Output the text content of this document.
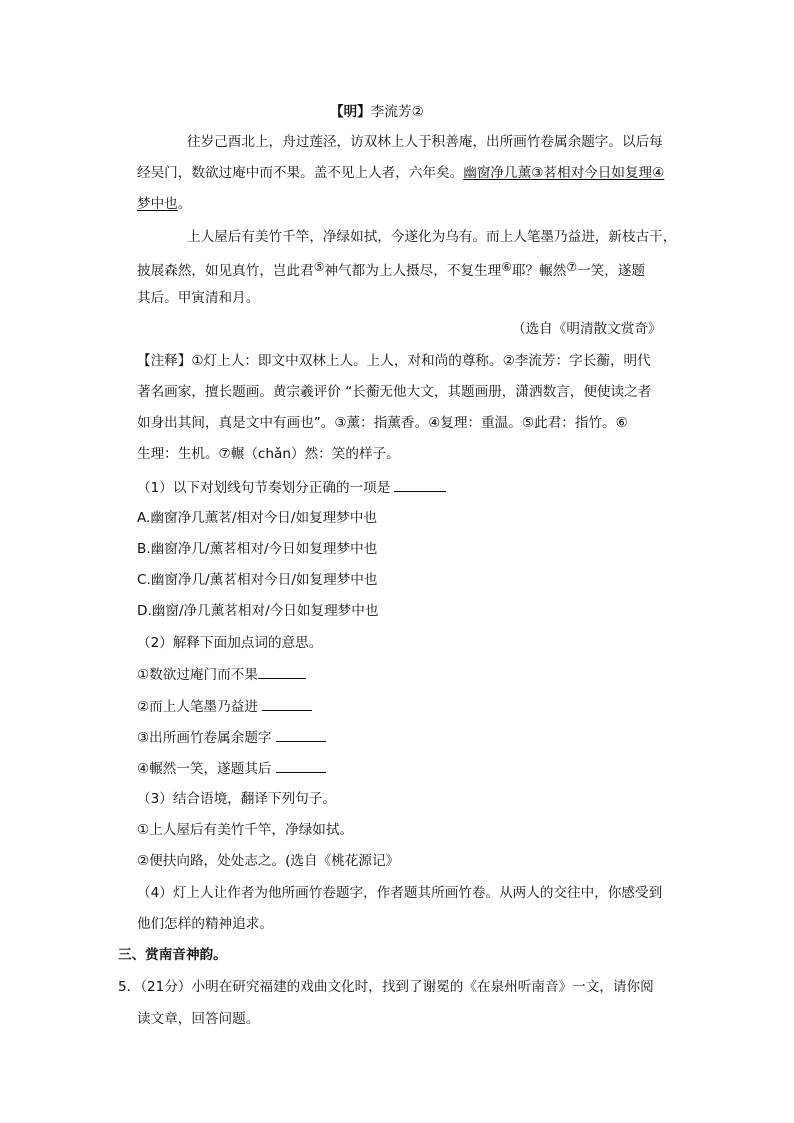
【明】李流芳②
往岁己酉北上，舟过莲泾，访双林上人于积善庵，出所画竹卷属余题字。以后每
经吴门，数欲过庵中而不果。盖不见上人者，六年矣。幽窗净几薰③茗相对今日如复理④
梦中也。
上人屋后有美竹千竿，净绿如拭，今遂化为乌有。而上人笔墨乃益进，新枝古干，
披展森然，如见真竹，岂此君⑤神气都为上人摄尽，不复生理⑥耶？輾然⑦一笑，遂题
其后。甲寅清和月。
（选自《明清散文赏奇》
【注释】①灯上人：即文中双林上人。上人，对和尚的尊称。②李流芳：字长蘅，明代
著名画家，擅长题画。黄宗羲评价 “长蘅无他大文，其题画册，潇洒数言，便使读之者
如身出其间，真是文中有画也”。③薰：指薰香。④复理：重温。⑤此君：指竹。⑥
生理：生机。⑦輾（chǎn）然：笑的样子。
（1）以下对划线句节奏划分正确的一项是
A.幽窗净几薰茗/相对今日/如复理梦中也
B.幽窗净几/薰茗相对/今日如复理梦中也
C.幽窗净几/薰茗相对今日/如复理梦中也
D.幽窗/净几薰茗相对/今日如复理梦中也
（2）解释下面加点词的意思。
①数欲过庵门而不果
②而上人笔墨乃益进
③出所画竹卷属余题字
④輾然一笑，遂题其后
（3）结合语境，翻译下列句子。
①上人屋后有美竹千竿，净绿如拭。
②便扶向路，处处志之。(选自《桃花源记》
（4）灯上人让作者为他所画竹卷题字，作者题其所画竹卷。从两人的交往中，你感受到
他们怎样的精神追求。
三、赏南音神韵。
5．（21分）小明在研究福建的戏曲文化时，找到了谢冕的《在泉州听南音》一文，请你阅
读文章，回答问题。
